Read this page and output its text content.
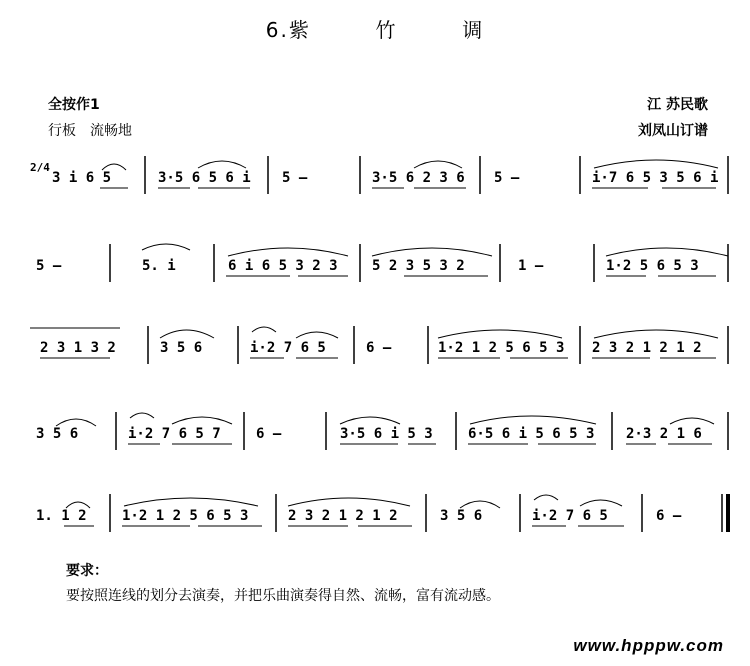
6.紫	竹	调
全按作1
行板　流畅地
江 苏民歌
刘凤山订谱
2/4
3 i 6 5	3·5 6 5 6 i 5 –	3·5 6 2 3 6 5 –	i·7 6 5 3 5 6 i
5 –	5. i	6 i 6 5 3 2 3 5 2 3 5 3 2	1 –	1·2 5 6 5 3
2 3 1 3 2	3 5 6	i·2 7 6 5	6 –	1·2 1 2 5 6 5 3 2 3 2 1 2 1 2
3 5 6	i·2 7 6 5 7	6 –	3·5 6 i 5 3	6·5 6 i 5 6 5 3 2·3 2 1 6
1. 1 2	1·2 1 2 5 6 5 3	2 3 2 1 2 1 2	3 5 6	i·2 7 6 5	6 –
要求：
要按照连线的划分去演奏，并把乐曲演奏得自然、流畅，富有流动感。
www.hpppw.com
